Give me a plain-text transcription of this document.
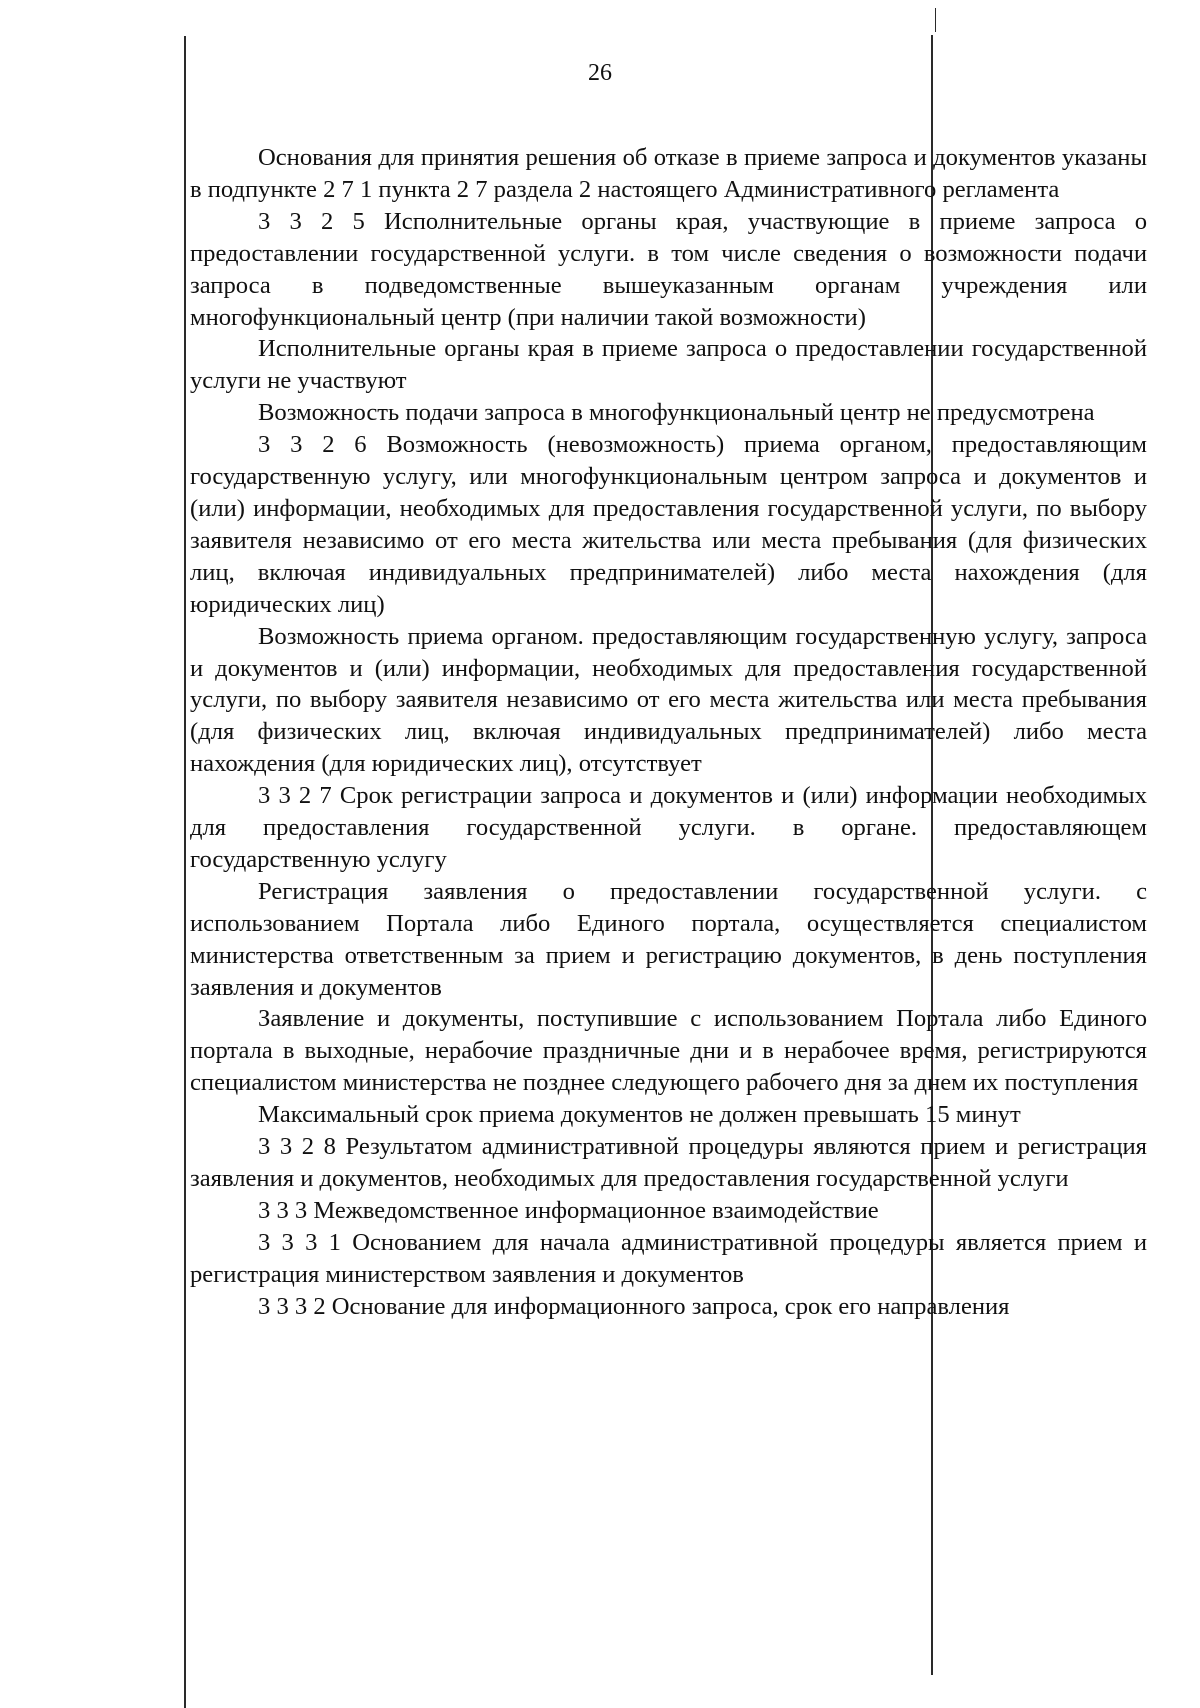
26

Основания для принятия решения об отказе в приеме запроса и документов указаны в подпункте 2 7 1 пункта 2 7 раздела 2 настоящего Административного регламента

3 3 2 5 Исполнительные органы края, участвующие в приеме запроса о предоставлении государственной услуги. в том числе сведения о возможности подачи запроса в подведомственные вышеуказанным органам учреждения или многофункциональный центр (при наличии такой возможности)

Исполнительные органы края в приеме запроса о предоставлении государственной услуги не участвуют

Возможность подачи запроса в многофункциональный центр не предусмотрена

3 3 2 6 Возможность (невозможность) приема органом, предоставляющим государственную услугу, или многофункциональным центром запроса и документов и (или) информации, необходимых для предоставления государственной услуги, по выбору заявителя независимо от его места жительства или места пребывания (для физических лиц, включая индивидуальных предпринимателей) либо места нахождения (для юридических лиц)

Возможность приема органом. предоставляющим государственную услугу, запроса и документов и (или) информации, необходимых для предоставления государственной услуги, по выбору заявителя независимо от его места жительства или места пребывания (для физических лиц, включая индивидуальных предпринимателей) либо места нахождения (для юридических лиц), отсутствует

3 3 2 7 Срок регистрации запроса и документов и (или) информации необходимых для предоставления государственной услуги. в органе. предоставляющем государственную услугу

Регистрация заявления о предоставлении государственной услуги. с использованием Портала либо Единого портала, осуществляется специалистом министерства ответственным за прием и регистрацию документов, в день поступления заявления и документов

Заявление и документы, поступившие с использованием Портала либо Единого портала в выходные, нерабочие праздничные дни и в нерабочее время, регистрируются специалистом министерства не позднее следующего рабочего дня за днем их поступления

Максимальный срок приема документов не должен превышать 15 минут

3 3 2 8 Результатом административной процедуры являются прием и регистрация заявления и документов, необходимых для предоставления государственной услуги

3 3 3 Межведомственное информационное взаимодействие

3 3 3 1 Основанием для начала административной процедуры является прием и регистрация министерством заявления и документов

3 3 3 2 Основание для информационного запроса, срок его направления
